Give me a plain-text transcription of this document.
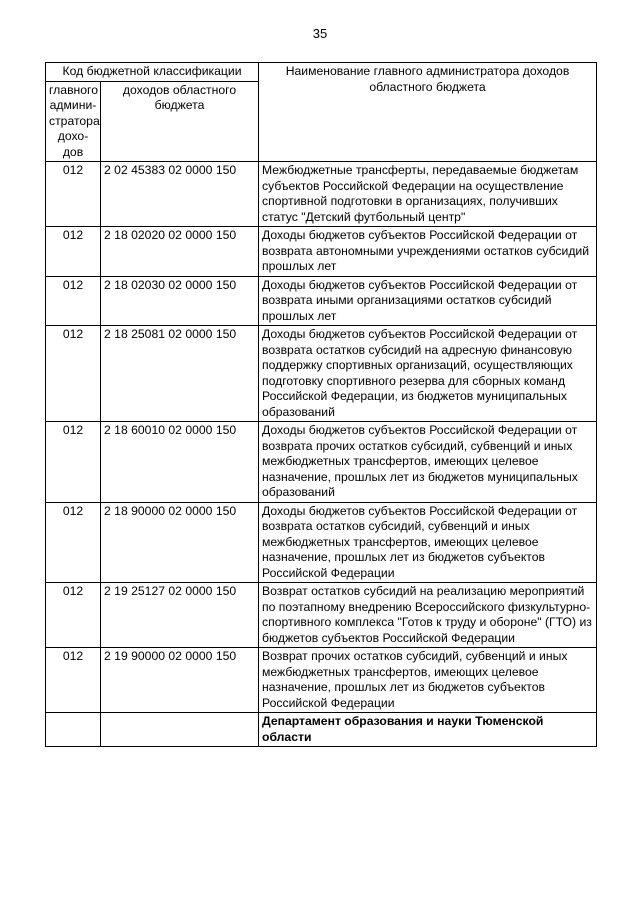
35
Код бюджетной классификации		Наименование главного администратора доходов областного бюджета
главного админи-стратора дохо-дов	доходов областного бюджета	
012	2 02 45383 02 0000 150	Межбюджетные трансферты, передаваемые бюджетам субъектов Российской Федерации на осуществление спортивной подготовки в организациях, получивших статус "Детский футбольный центр"
012	2 18 02020 02 0000 150	Доходы бюджетов субъектов Российской Федерации от возврата автономными учреждениями остатков субсидий прошлых лет
012	2 18 02030 02 0000 150	Доходы бюджетов субъектов Российской Федерации от возврата иными организациями остатков субсидий прошлых лет
012	2 18 25081 02 0000 150	Доходы бюджетов субъектов Российской Федерации от возврата остатков субсидий на адресную финансовую поддержку спортивных организаций, осуществляющих подготовку спортивного резерва для сборных команд Российской Федерации, из бюджетов муниципальных образований
012	2 18 60010 02 0000 150	Доходы бюджетов субъектов Российской Федерации от возврата прочих остатков субсидий, субвенций и иных межбюджетных трансфертов, имеющих целевое назначение, прошлых лет из бюджетов муниципальных образований
012	2 18 90000 02 0000 150	Доходы бюджетов субъектов Российской Федерации от возврата остатков субсидий, субвенций и иных межбюджетных трансфертов, имеющих целевое назначение, прошлых лет из бюджетов субъектов Российской Федерации
012	2 19 25127 02 0000 150	Возврат остатков субсидий на реализацию мероприятий по поэтапному внедрению Всероссийского физкультурно-спортивного комплекса "Готов к труду и обороне" (ГТО) из бюджетов субъектов Российской Федерации
012	2 19 90000 02 0000 150	Возврат прочих остатков субсидий, субвенций и иных межбюджетных трансфертов, имеющих целевое назначение, прошлых лет из бюджетов субъектов Российской Федерации
		Департамент образования и науки Тюменской области
